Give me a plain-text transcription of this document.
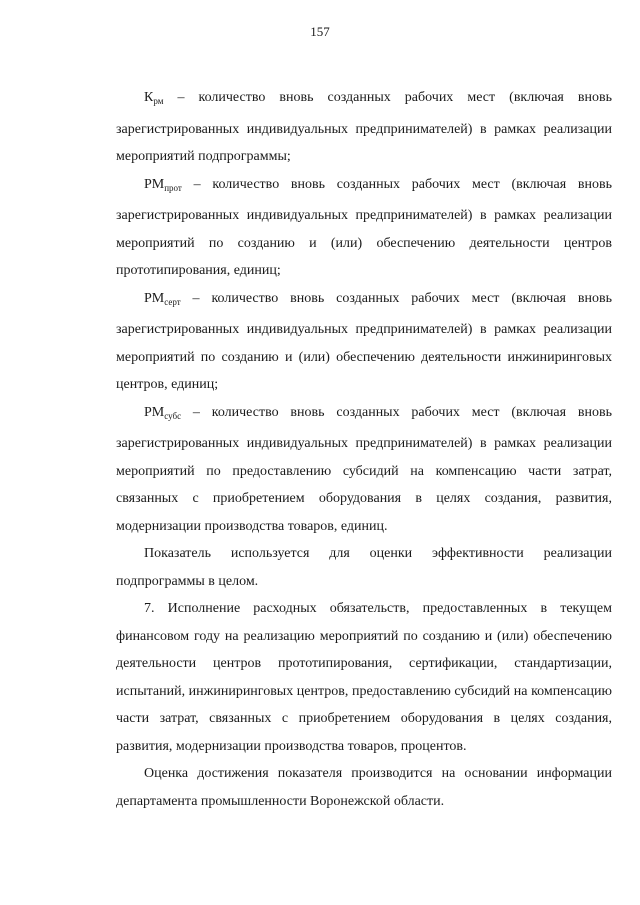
157

$К_{рм}$ – количество вновь созданных рабочих мест (включая вновь зарегистрированных индивидуальных предпринимателей) в рамках реализации мероприятий подпрограммы;

$РМ_{прот}$ – количество вновь созданных рабочих мест (включая вновь зарегистрированных индивидуальных предпринимателей) в рамках реализации мероприятий по созданию и (или) обеспечению деятельности центров прототипирования, единиц;

$РМ_{серт}$ – количество вновь созданных рабочих мест (включая вновь зарегистрированных индивидуальных предпринимателей) в рамках реализации мероприятий по созданию и (или) обеспечению деятельности инжиниринговых центров, единиц;

$РМ_{субс}$ – количество вновь созданных рабочих мест (включая вновь зарегистрированных индивидуальных предпринимателей) в рамках реализации мероприятий по предоставлению субсидий на компенсацию части затрат, связанных с приобретением оборудования в целях создания, развития, модернизации производства товаров, единиц.

Показатель используется для оценки эффективности реализации подпрограммы в целом.

7. Исполнение расходных обязательств, предоставленных в текущем финансовом году на реализацию мероприятий по созданию и (или) обеспечению деятельности центров прототипирования, сертификации, стандартизации, испытаний, инжиниринговых центров, предоставлению субсидий на компенсацию части затрат, связанных с приобретением оборудования в целях создания, развития, модернизации производства товаров, процентов.

Оценка достижения показателя производится на основании информации департамента промышленности Воронежской области.
